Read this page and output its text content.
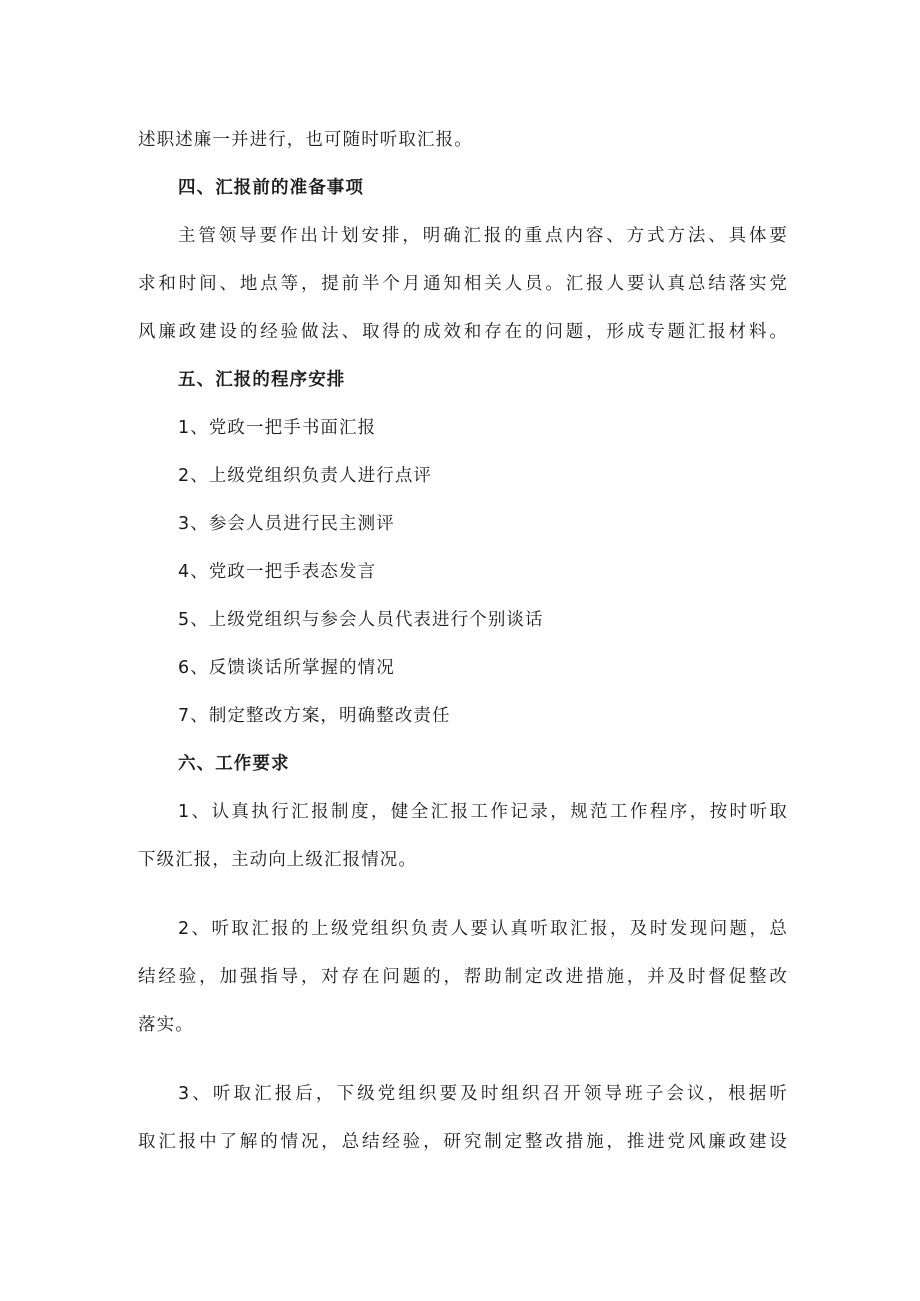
述职述廉一并进行，也可随时听取汇报。
四、汇报前的准备事项
主管领导要作出计划安排，明确汇报的重点内容、方式方法、具体要
求和时间、地点等，提前半个月通知相关人员。汇报人要认真总结落实党
风廉政建设的经验做法、取得的成效和存在的问题，形成专题汇报材料。
五、汇报的程序安排
1、党政一把手书面汇报
2、上级党组织负责人进行点评
3、参会人员进行民主测评
4、党政一把手表态发言
5、上级党组织与参会人员代表进行个别谈话
6、反馈谈话所掌握的情况
7、制定整改方案，明确整改责任
六、工作要求
1、认真执行汇报制度，健全汇报工作记录，规范工作程序，按时听取
下级汇报，主动向上级汇报情况。
2、听取汇报的上级党组织负责人要认真听取汇报，及时发现问题，总
结经验，加强指导，对存在问题的，帮助制定改进措施，并及时督促整改
落实。
3、听取汇报后，下级党组织要及时组织召开领导班子会议，根据听
取汇报中了解的情况，总结经验，研究制定整改措施，推进党风廉政建设
